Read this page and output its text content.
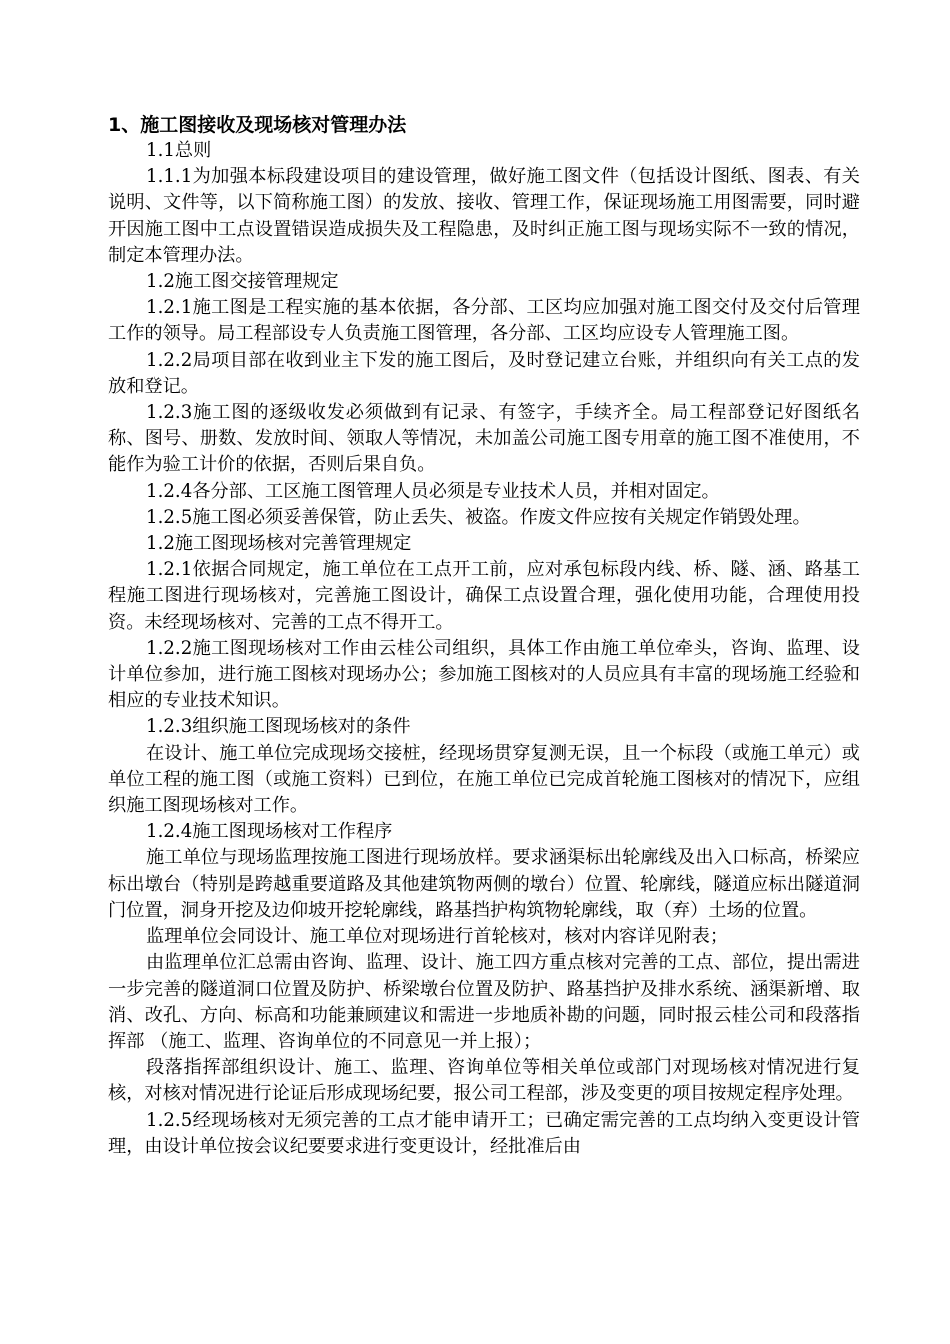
1、施工图接收及现场核对管理办法

1.1总则

1.1.1为加强本标段建设项目的建设管理，做好施工图文件（包括设计图纸、图表、有关说明、文件等，以下简称施工图）的发放、接收、管理工作，保证现场施工用图需要，同时避开因施工图中工点设置错误造成损失及工程隐患，及时纠正施工图与现场实际不一致的情况，制定本管理办法。

1.2施工图交接管理规定

1.2.1施工图是工程实施的基本依据，各分部、工区均应加强对施工图交付及交付后管理工作的领导。局工程部设专人负责施工图管理，各分部、工区均应设专人管理施工图。

1.2.2局项目部在收到业主下发的施工图后，及时登记建立台账，并组织向有关工点的发放和登记。

1.2.3施工图的逐级收发必须做到有记录、有签字，手续齐全。局工程部登记好图纸名称、图号、册数、发放时间、领取人等情况，未加盖公司施工图专用章的施工图不准使用，不能作为验工计价的依据，否则后果自负。

1.2.4各分部、工区施工图管理人员必须是专业技术人员，并相对固定。

1.2.5施工图必须妥善保管，防止丢失、被盗。作废文件应按有关规定作销毁处理。

1.2施工图现场核对完善管理规定

1.2.1依据合同规定，施工单位在工点开工前，应对承包标段内线、桥、隧、涵、路基工程施工图进行现场核对，完善施工图设计，确保工点设置合理，强化使用功能，合理使用投资。未经现场核对、完善的工点不得开工。

1.2.2施工图现场核对工作由云桂公司组织，具体工作由施工单位牵头，咨询、监理、设计单位参加，进行施工图核对现场办公；参加施工图核对的人员应具有丰富的现场施工经验和相应的专业技术知识。

1.2.3组织施工图现场核对的条件

在设计、施工单位完成现场交接桩，经现场贯穿复测无误，且一个标段（或施工单元）或单位工程的施工图（或施工资料）已到位，在施工单位已完成首轮施工图核对的情况下，应组织施工图现场核对工作。

1.2.4施工图现场核对工作程序

施工单位与现场监理按施工图进行现场放样。要求涵渠标出轮廓线及出入口标高，桥梁应标出墩台（特别是跨越重要道路及其他建筑物两侧的墩台）位置、轮廓线，隧道应标出隧道洞门位置，洞身开挖及边仰坡开挖轮廓线，路基挡护构筑物轮廓线，取（弃）土场的位置。

监理单位会同设计、施工单位对现场进行首轮核对，核对内容详见附表；

由监理单位汇总需由咨询、监理、设计、施工四方重点核对完善的工点、部位，提出需进一步完善的隧道洞口位置及防护、桥梁墩台位置及防护、路基挡护及排水系统、涵渠新增、取消、改孔、方向、标高和功能兼顾建议和需进一步地质补勘的问题，同时报云桂公司和段落指挥部 （施工、监理、咨询单位的不同意见一并上报）；

段落指挥部组织设计、施工、监理、咨询单位等相关单位或部门对现场核对情况进行复核，对核对情况进行论证后形成现场纪要，报公司工程部，涉及变更的项目按规定程序处理。

1.2.5经现场核对无须完善的工点才能申请开工；已确定需完善的工点均纳入变更设计管理，由设计单位按会议纪要要求进行变更设计，经批准后由
